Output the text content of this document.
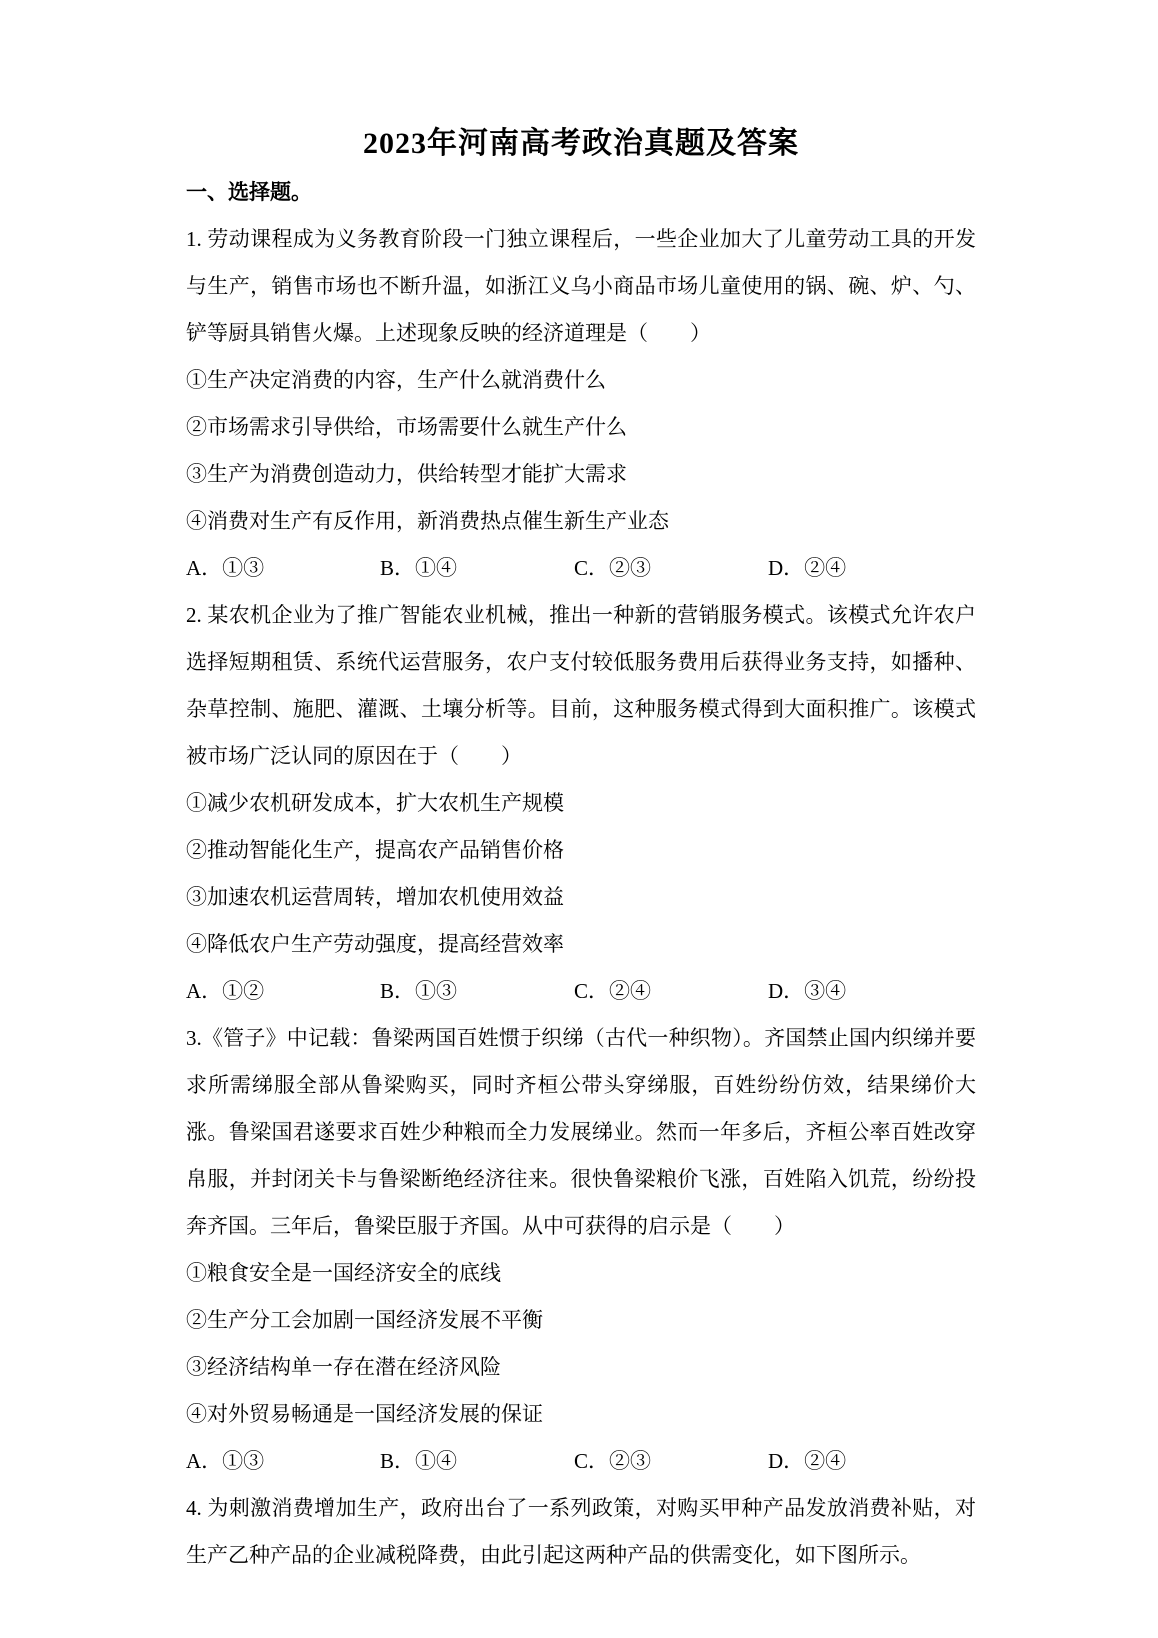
2023年河南高考政治真题及答案

一、选择题。

1. 劳动课程成为义务教育阶段一门独立课程后，一些企业加大了儿童劳动工具的开发与生产，销售市场也不断升温，如浙江义乌小商品市场儿童使用的锅、碗、炉、勺、铲等厨具销售火爆。上述现象反映的经济道理是（　　）

①生产决定消费的内容，生产什么就消费什么

②市场需求引导供给，市场需要什么就生产什么

③生产为消费创造动力，供给转型才能扩大需求

④消费对生产有反作用，新消费热点催生新生产业态

A．①③	B．①④	C．②③	D．②④

2. 某农机企业为了推广智能农业机械，推出一种新的营销服务模式。该模式允许农户选择短期租赁、系统代运营服务，农户支付较低服务费用后获得业务支持，如播种、杂草控制、施肥、灌溉、土壤分析等。目前，这种服务模式得到大面积推广。该模式被市场广泛认同的原因在于（　　）

①减少农机研发成本，扩大农机生产规模

②推动智能化生产，提高农产品销售价格

③加速农机运营周转，增加农机使用效益

④降低农户生产劳动强度，提高经营效率

A．①②	B．①③	C．②④	D．③④

3.《管子》中记载：鲁梁两国百姓惯于织绨（古代一种织物）。齐国禁止国内织绨并要求所需绨服全部从鲁梁购买，同时齐桓公带头穿绨服，百姓纷纷仿效，结果绨价大涨。鲁梁国君遂要求百姓少种粮而全力发展绨业。然而一年多后，齐桓公率百姓改穿帛服，并封闭关卡与鲁梁断绝经济往来。很快鲁梁粮价飞涨，百姓陷入饥荒，纷纷投奔齐国。三年后，鲁梁臣服于齐国。从中可获得的启示是（　　）

①粮食安全是一国经济安全的底线

②生产分工会加剧一国经济发展不平衡

③经济结构单一存在潜在经济风险

④对外贸易畅通是一国经济发展的保证

A．①③	B．①④	C．②③	D．②④

4. 为刺激消费增加生产，政府出台了一系列政策，对购买甲种产品发放消费补贴，对生产乙种产品的企业减税降费，由此引起这两种产品的供需变化，如下图所示。
